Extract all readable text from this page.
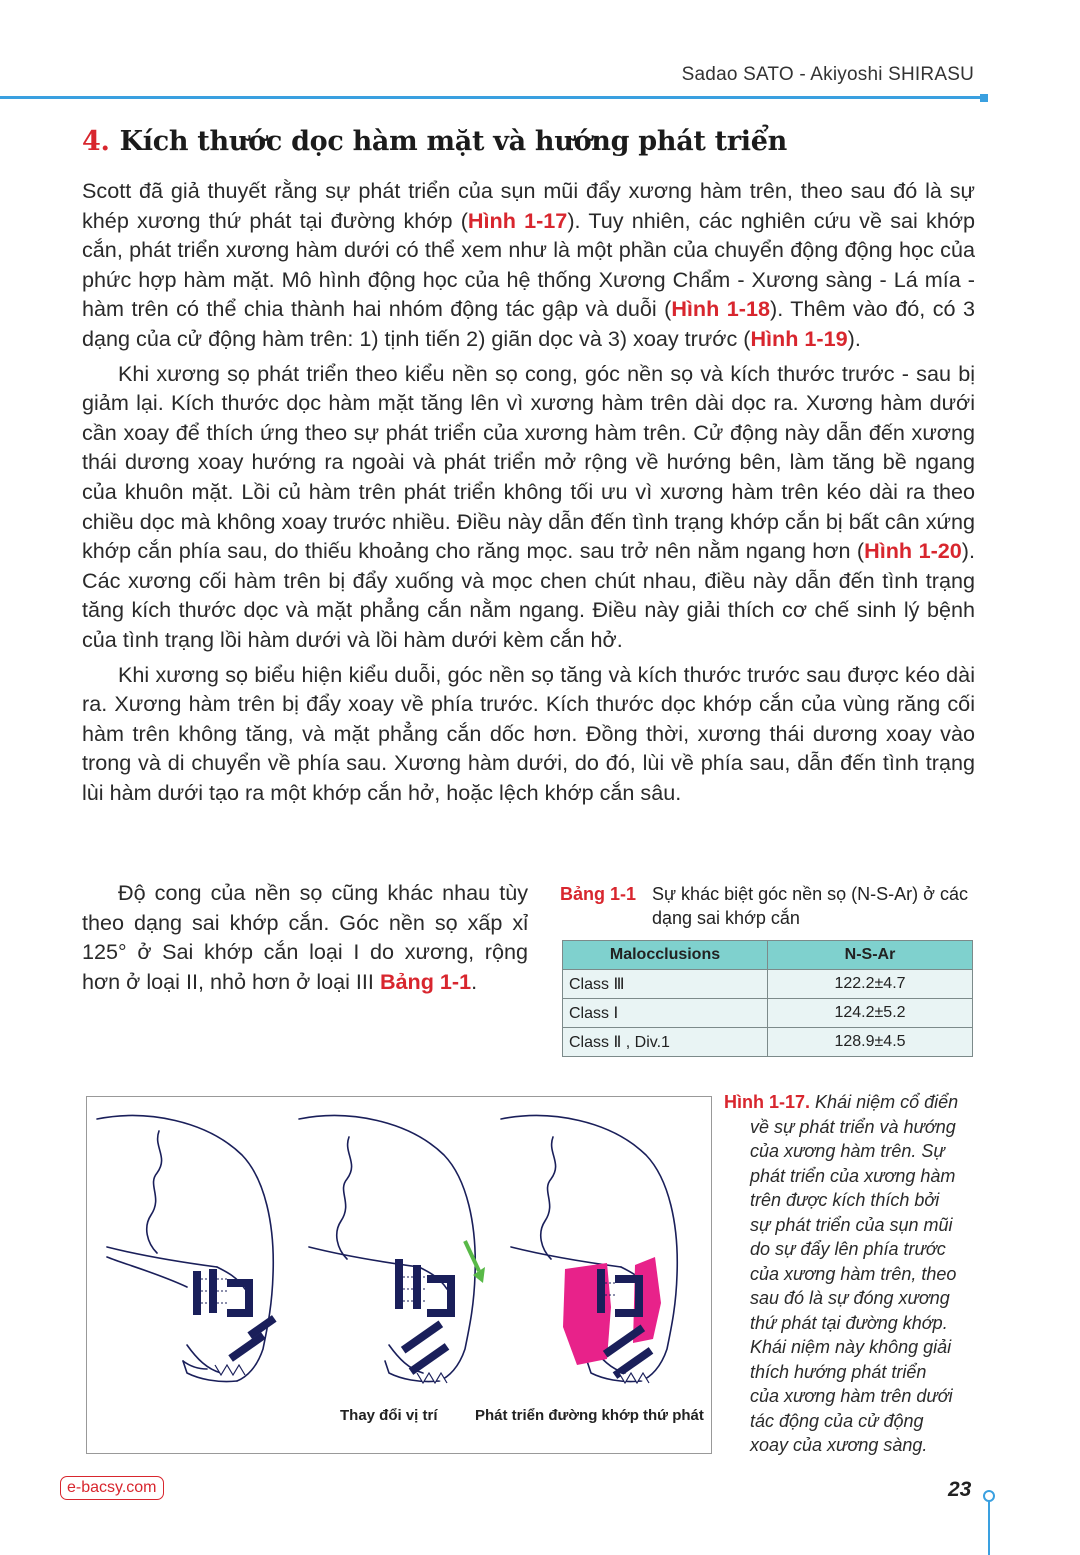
Sadao SATO - Akiyoshi SHIRASU
4. Kích thước dọc hàm mặt và hướng phát triển

Scott đã giả thuyết rằng sự phát triển của sụn mũi đẩy xương hàm trên, theo sau đó là sự khép xương thứ phát tại đường khớp (Hình 1-17). Tuy nhiên, các nghiên cứu về sai khớp cắn, phát triển xương hàm dưới có thể xem như là một phần của chuyển động động học của phức hợp hàm mặt. Mô hình động học của hệ thống Xương Chẩm - Xương sàng - Lá mía - hàm trên có thể chia thành hai nhóm động tác gập và duỗi (Hình 1-18). Thêm vào đó, có 3 dạng của cử động hàm trên: 1) tịnh tiến 2) giãn dọc và 3) xoay trước (Hình 1-19).

Khi xương sọ phát triển theo kiểu nền sọ cong, góc nền sọ và kích thước trước - sau bị giảm lại. Kích thước dọc hàm mặt tăng lên vì xương hàm trên dài dọc ra. Xương hàm dưới cần xoay để thích ứng theo sự phát triển của xương hàm trên. Cử động này dẫn đến xương thái dương xoay hướng ra ngoài và phát triển mở rộng về hướng bên, làm tăng bề ngang của khuôn mặt. Lồi củ hàm trên phát triển không tối ưu vì xương hàm trên kéo dài ra theo chiều dọc mà không xoay trước nhiều. Điều này dẫn đến tình trạng khớp cắn bị bất cân xứng khớp cắn phía sau, do thiếu khoảng cho răng mọc. sau trở nên nằm ngang hơn (Hình 1-20). Các xương cối hàm trên bị đẩy xuống và mọc chen chút nhau, điều này dẫn đến tình trạng tăng kích thước dọc và mặt phẳng cắn nằm ngang. Điều này giải thích cơ chế sinh lý bệnh của tình trạng lồi hàm dưới và lồi hàm dưới kèm cắn hở.

Khi xương sọ biểu hiện kiểu duỗi, góc nền sọ tăng và kích thước trước sau được kéo dài ra. Xương hàm trên bị đẩy xoay về phía trước. Kích thước dọc khớp cắn của vùng răng cối hàm trên không tăng, và mặt phẳng cắn dốc hơn. Đồng thời, xương thái dương xoay vào trong và di chuyển về phía sau. Xương hàm dưới, do đó, lùi về phía sau, dẫn đến tình trạng lùi hàm dưới tạo ra một khớp cắn hở, hoặc lệch khớp cắn sâu.

Độ cong của nền sọ cũng khác nhau tùy theo dạng sai khớp cắn. Góc nền sọ xấp xỉ 125° ở Sai khớp cắn loại I do xương, rộng hơn ở loại II, nhỏ hơn ở loại III Bảng 1-1.

Bảng 1-1 Sự khác biệt góc nền sọ (N-S-Ar) ở các dạng sai khớp cắn
Malocclusions	N-S-Ar
Class Ⅲ	122.2±4.7
Class Ⅰ	124.2±5.2
Class Ⅱ , Div.1	128.9±4.5
Thay đổi vị trí Phát triển đường khớp thứ phát
Hình 1-17. Khái niệm cổ điển
về sự phát triển và hướng
của xương hàm trên. Sự
phát triển của xương hàm
trên được kích thích bởi
sự phát triển của sụn mũi
do sự đẩy lên phía trước
của xương hàm trên, theo
sau đó là sự đóng xương
thứ phát tại đường khớp.
Khái niệm này không giải
thích hướng phát triển
của xương hàm trên dưới
tác động của cử động
xoay của xương sàng.
e-bacsy.com	23
